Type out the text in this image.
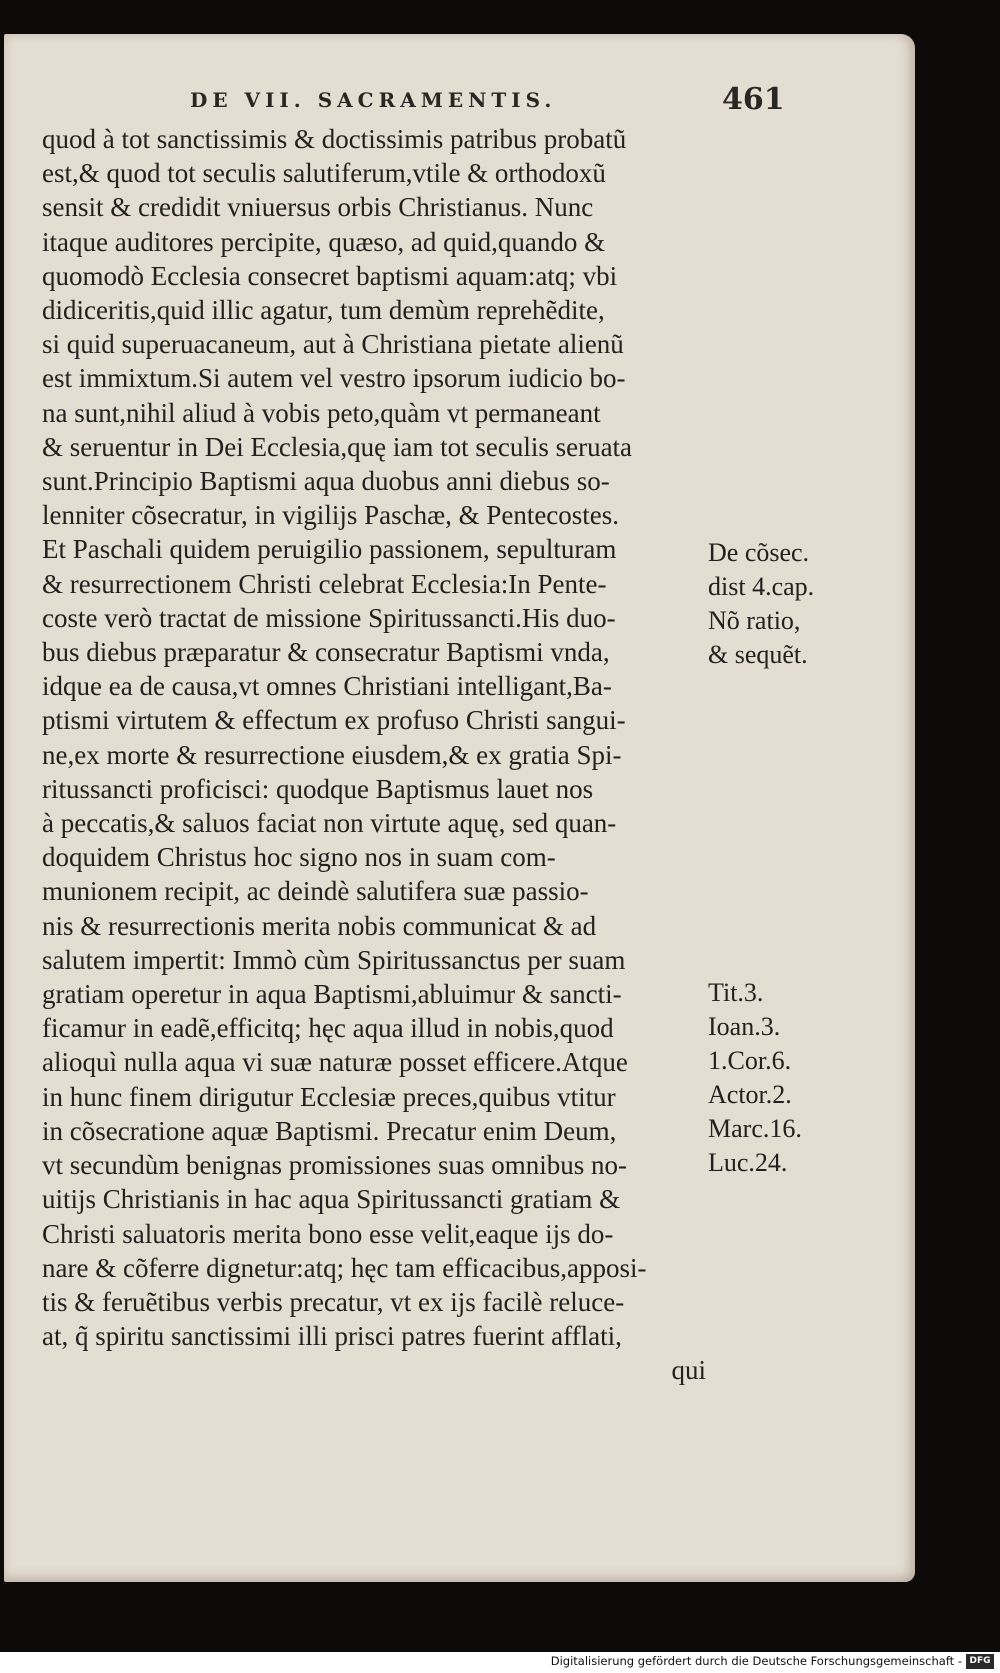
DE VII. SACRAMENTIS.	461
quod à tot sanctissimis & doctissimis patribus probatũ
est,& quod tot seculis salutiferum,vtile & orthodoxũ
sensit & credidit vniuersus orbis Christianus. Nunc
itaque auditores percipite, quæso, ad quid,quando &
quomodò Ecclesia consecret baptismi aquam:atq; vbi
didiceritis,quid illic agatur, tum demùm reprehẽdite,
si quid superuacaneum, aut à Christiana pietate alienũ
est immixtum.Si autem vel vestro ipsorum iudicio bo-
na sunt,nihil aliud à vobis peto,quàm vt permaneant
& seruentur in Dei Ecclesia,quę iam tot seculis seruata
sunt.Principio Baptismi aqua duobus anni diebus so-
lenniter cõsecratur, in vigilijs Paschæ, & Pentecostes.
Et Paschali quidem peruigilio passionem, sepulturam
& resurrectionem Christi celebrat Ecclesia:In Pente-
coste verò tractat de missione Spiritussancti.His duo-
bus diebus præparatur & consecratur Baptismi vnda,
idque ea de causa,vt omnes Christiani intelligant,Ba-
ptismi virtutem & effectum ex profuso Christi sangui-
ne,ex morte & resurrectione eiusdem,& ex gratia Spi-
ritussancti proficisci: quodque Baptismus lauet nos
à peccatis,& saluos faciat non virtute aquę, sed quan-
doquidem Christus hoc signo nos in suam com-
munionem recipit, ac deindè salutifera suæ passio-
nis & resurrectionis merita nobis communicat & ad
salutem impertit: Immò cùm Spiritussanctus per suam
gratiam operetur in aqua Baptismi,abluimur & sancti-
ficamur in eadẽ,efficitq; hęc aqua illud in nobis,quod
alioquì nulla aqua vi suæ naturæ posset efficere.Atque
in hunc finem dirigutur Ecclesiæ preces,quibus vtitur
in cõsecratione aquæ Baptismi. Precatur enim Deum,
vt secundùm benignas promissiones suas omnibus no-
uitijs Christianis in hac aqua Spiritussancti gratiam &
Christi saluatoris merita bono esse velit,eaque ijs do-
nare & cõferre dignetur:atq; hęc tam efficacibus,apposi-
tis & feruẽtibus verbis precatur, vt ex ijs facilè reluce-
at, q̃ spiritu sanctissimi illi prisci patres fuerint afflati,
qui
De cõsec.
dist 4.cap.
Nõ ratio,
& sequẽt.
Tit.3.
Ioan.3.
1.Cor.6.
Actor.2.
Marc.16.
Luc.24.
Digitalisierung gefördert durch die Deutsche Forschungsgemeinschaft - DFG
